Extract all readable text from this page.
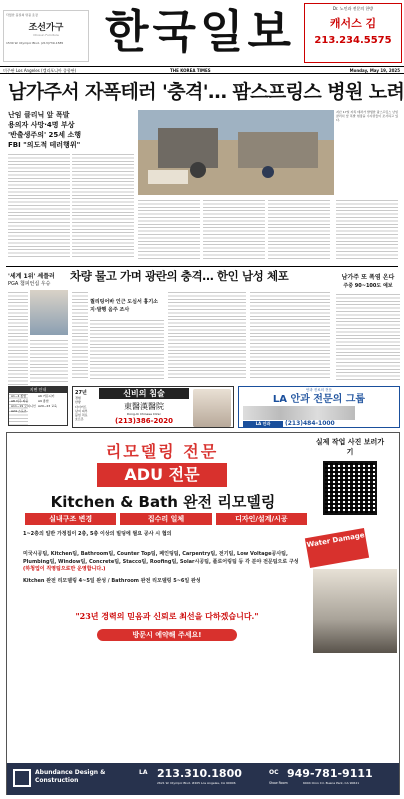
탁월한 품질의 명품 옷장
조선가구
Chosun Furniture
1530 W. Olympic Blvd. (213)739-1585 한국일보	Dr. 노인과 전문의 한방
캐서스 김
213.234.5575
미주판 Los Angeles (캘리포니아 종합판)	THE KOREA TIMES	Monday, May 19, 2025
남가주서 자폭테러 '충격'… 팜스프링스 병원 노려
난임 클리닉 앞 폭발
용의자 사망·4명 부상
'반출생주의' 25세 소행
FBI "의도적 테러행위"
지난 17일 자폭 테러가 발생한 팜스프링스 난임 클리닉 앞 폭발 현장을 수사관들이 조사하고 있다.
'세계 1위' 셰플러
PGA 챔피언십 우승
차량 물고 가며 광란의 충격… 한인 남성 체포	남가주 또 폭염 온다
주중 90~100도 예보
퀄리팅어바 인근 도심서 흉기소지·발행 음주 조사
지면 안내
A1~4 종합	A6 커뮤니티
A8 미주 타운	A9 종합
A11~19 오피니언 A20~23 교육
A24 스포츠
27년
경험
한방
다이어트
남여 피부
불임 치료
호르몬
신비의 침술
東醫漢醫院
Dong-Ui Chinese Clinic
(213)386-2020
안과 진료의 전문
LA 안과 전문의 그룹
LA 안과	(213)484-1000
리모델링 전문
ADU 전문
Kitchen & Bath 완전 리모델링
실내구조 변경	집수리 일체	디자인/설계/시공
1~2층의 일반 가정집이 2층, 5층 이상의 빌딩에 필요 공사 시 협의
미국시공팀, Kitchen팀, Bathroom팀, Counter Top팀, 페인팅팀, Carpentry팀, 전기팀, Low Voltage공사팀, Plumbing팀, Window팀, Concrete팀, Stacco팀, Roofing팀, Solar시공팀, 플로어링팀 등 각 분야 전문팀으로 구성
(하청업이 직영팀으로만 운영합니다.)
Kitchen 완전 리모델링 4~5일 완성 / Bathroom 완전 리모델링 5~6일 완성
"23년 경력의 믿음과 신뢰로 최선을 다하겠습니다."
방문시 예약해 주세요!
실제 작업 사진 보러가기
Water Damage
Abundance Design & Construction
LA 213.310.1800
2621 W. Olympic Blvd. #205 Los Angeles, CA 90006
OC 949-781-9111
Show Room	6904 Oron Cir. Buena Park, CA 90621
